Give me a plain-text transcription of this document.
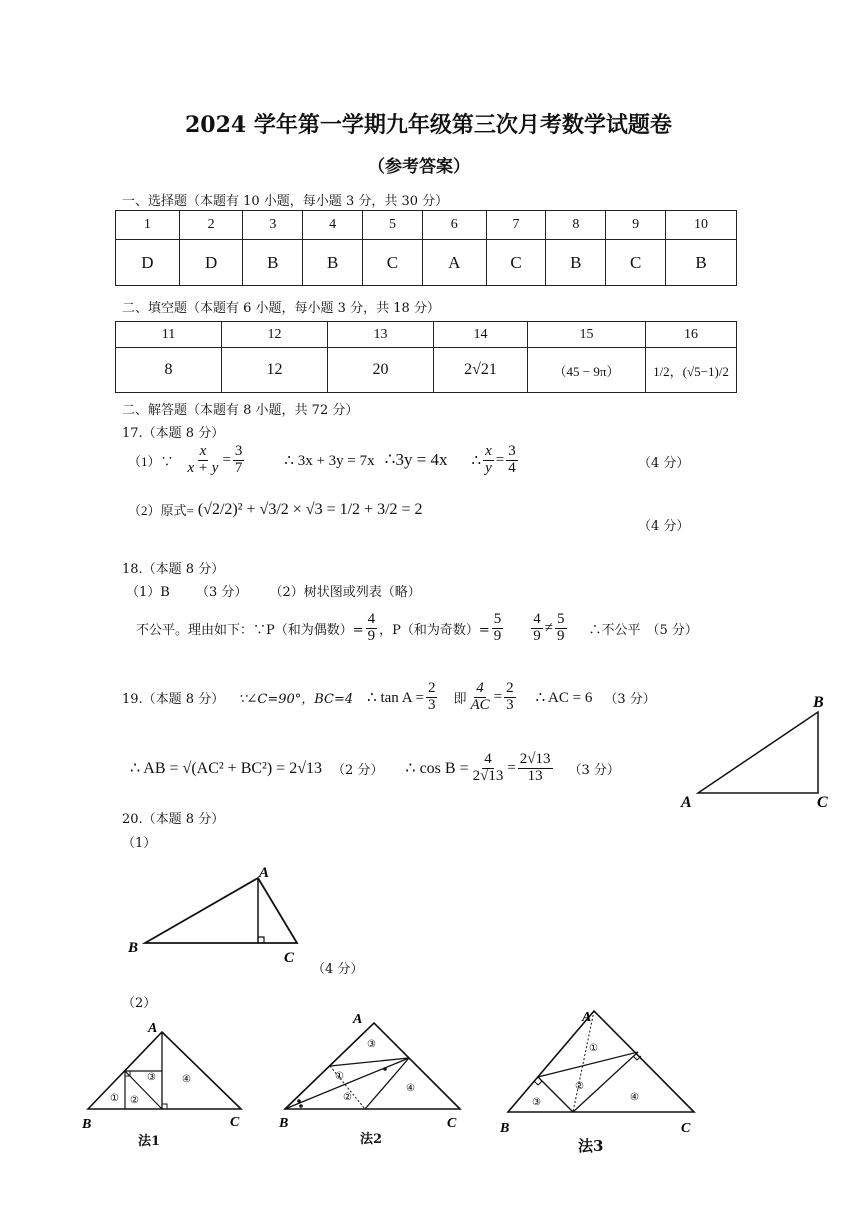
2024 学年第一学期九年级第三次月考数学试题卷
（参考答案）
一、选择题（本题有 10 小题，每小题 3 分，共 30 分）
1	2	3	4	5	6	7	8	9	10
D	D	B	B	C	A	C	B	C	B
二、填空题（本题有 6 小题，每小题 3 分，共 18 分）
11	12	13	14	15	16
8	12	20	2√21	（45 − 9π）	1/2，(√5−1)/2
二、解答题（本题有 8 小题，共 72 分）
17.（本题 8 分）
（1）∵ $\frac{x}{x + y} = \frac{3}{7}$	∴ 3x + 3y = 7x ∴3y = 4x ∴ $\frac{x}{y} = \frac{3}{4}$	（4 分）
（2）原式= (√2/2)² + √3/2 × √3 = 1/2 + 3/2 = 2
（4 分）
18.（本题 8 分）
（1）B （3 分） （2）树状图或列表（略）
不公平。理由如下：∵P（和为偶数）= $\frac{4}{9}$ ，P（和为奇数）= $\frac{5}{9} \frac{4}{9} \ne \frac{5}{9}$ ∴不公平 （5 分）
19.（本题 8 分） ∵∠C=90°，BC=4 ∴ $\tan A = \frac{2}{3}$ 即 $\frac{4}{AC} = \frac{2}{3}$ ∴ AC = 6 （3 分）
∴ AB = √(AC² + BC²) = 2√13 （2 分） ∴ $\cos B = \frac{4}{2√13} = \frac{2√13}{13} (3$ 分）
B
A	C
20.（本题 8 分）
（1）
A
B
C
（4 分）
（2）
A
B	C
① ②
③	④
法1
A
B	C
①
②
③
④
法2
A
B	C
①
②
③	④
法3
